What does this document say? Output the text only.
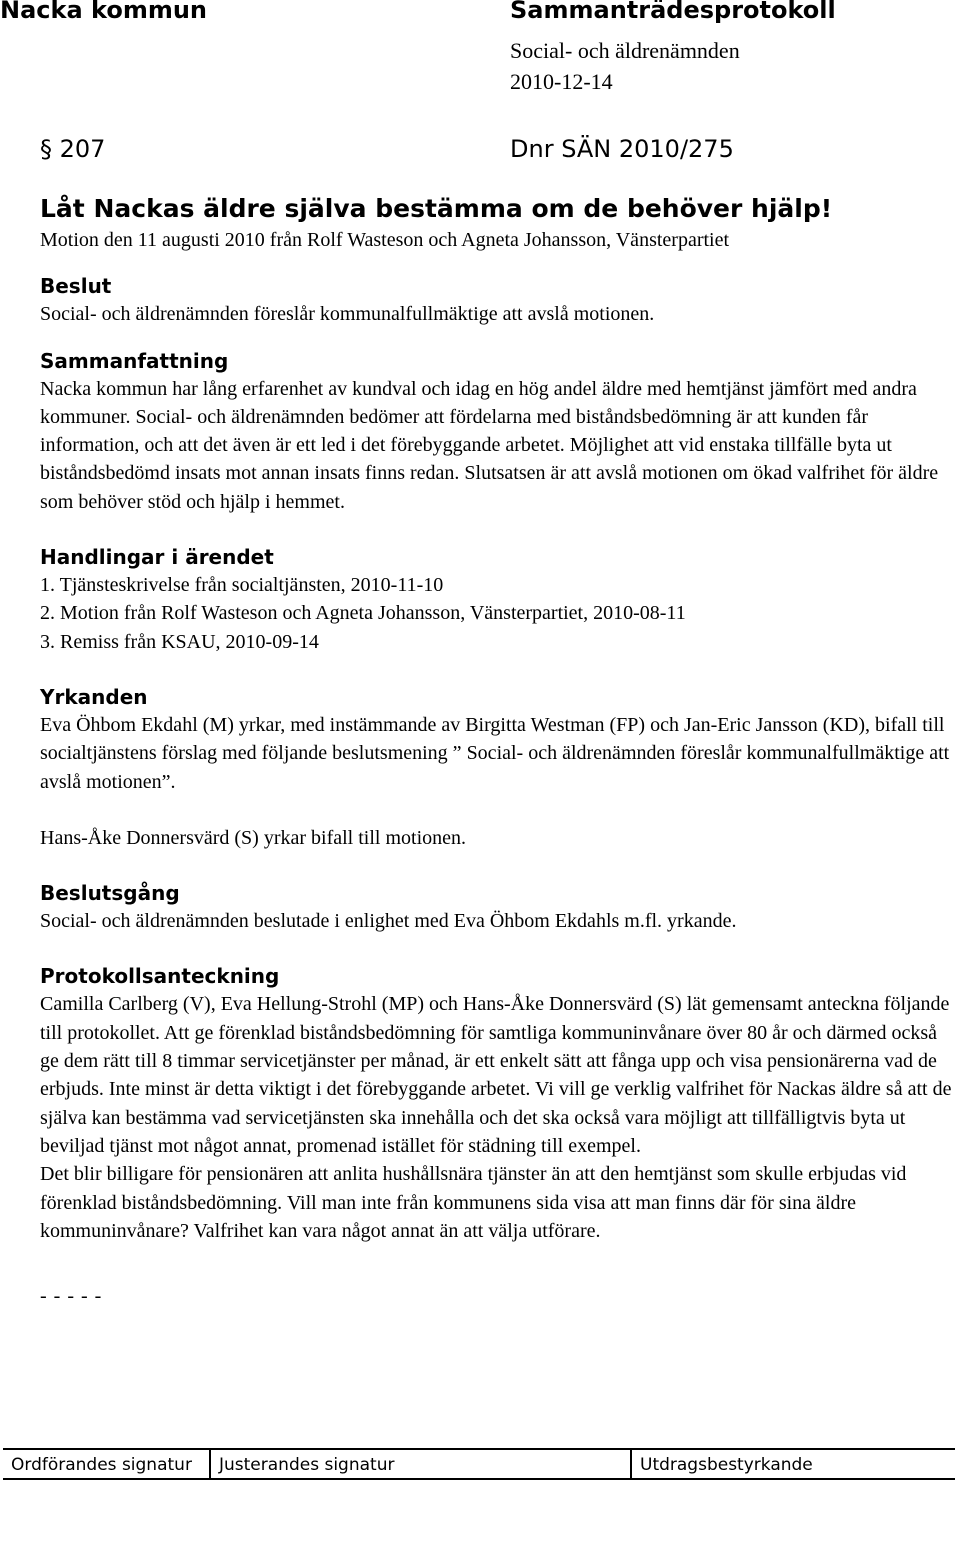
Nacka kommun	Sammanträdesprotokoll
Social- och äldrenämnden
2010-12-14
§ 207	Dnr SÄN 2010/275
Låt Nackas äldre själva bestämma om de behöver hjälp!

Motion den 11 augusti 2010 från Rolf Wasteson och Agneta Johansson, Vänsterpartiet

Beslut

Social- och äldrenämnden föreslår kommunalfullmäktige att avslå motionen.

Sammanfattning

Nacka kommun har lång erfarenhet av kundval och idag en hög andel äldre med hemtjänst jämfört med andra kommuner. Social- och äldrenämnden bedömer att fördelarna med biståndsbedömning är att kunden får information, och att det även är ett led i det förebyggande arbetet. Möjlighet att vid enstaka tillfälle byta ut biståndsbedömd insats mot annan insats finns redan. Slutsatsen är att avslå motionen om ökad valfrihet för äldre som behöver stöd och hjälp i hemmet.

Handlingar i ärendet

1. Tjänsteskrivelse från socialtjänsten, 2010-11-10

2. Motion från Rolf Wasteson och Agneta Johansson, Vänsterpartiet, 2010-08-11

3. Remiss från KSAU, 2010-09-14

Yrkanden

Eva Öhbom Ekdahl (M) yrkar, med instämmande av Birgitta Westman (FP) och Jan-Eric Jansson (KD), bifall till socialtjänstens förslag med följande beslutsmening ” Social- och äldrenämnden föreslår kommunalfullmäktige att avslå motionen”.

Hans-Åke Donnersvärd (S) yrkar bifall till motionen.

Beslutsgång

Social- och äldrenämnden beslutade i enlighet med Eva Öhbom Ekdahls m.fl. yrkande.

Protokollsanteckning

Camilla Carlberg (V), Eva Hellung-Strohl (MP) och Hans-Åke Donnersvärd (S) lät gemensamt anteckna följande till protokollet. Att ge förenklad biståndsbedömning för samtliga kommuninvånare över 80 år och därmed också ge dem rätt till 8 timmar servicetjänster per månad, är ett enkelt sätt att fånga upp och visa pensionärerna vad de erbjuds. Inte minst är detta viktigt i det förebyggande arbetet. Vi vill ge verklig valfrihet för Nackas äldre så att de själva kan bestämma vad servicetjänsten ska innehålla och det ska också vara möjligt att tillfälligtvis byta ut beviljad tjänst mot något annat, promenad istället för städning till exempel.

Det blir billigare för pensionären att anlita hushållsnära tjänster än att den hemtjänst som skulle erbjudas vid förenklad biståndsbedömning. Vill man inte från kommunens sida visa att man finns där för sina äldre kommuninvånare? Valfrihet kan vara något annat än att välja utförare.

- - - - -
Ordförandes signatur	Justerandes signatur	Utdragsbestyrkande
